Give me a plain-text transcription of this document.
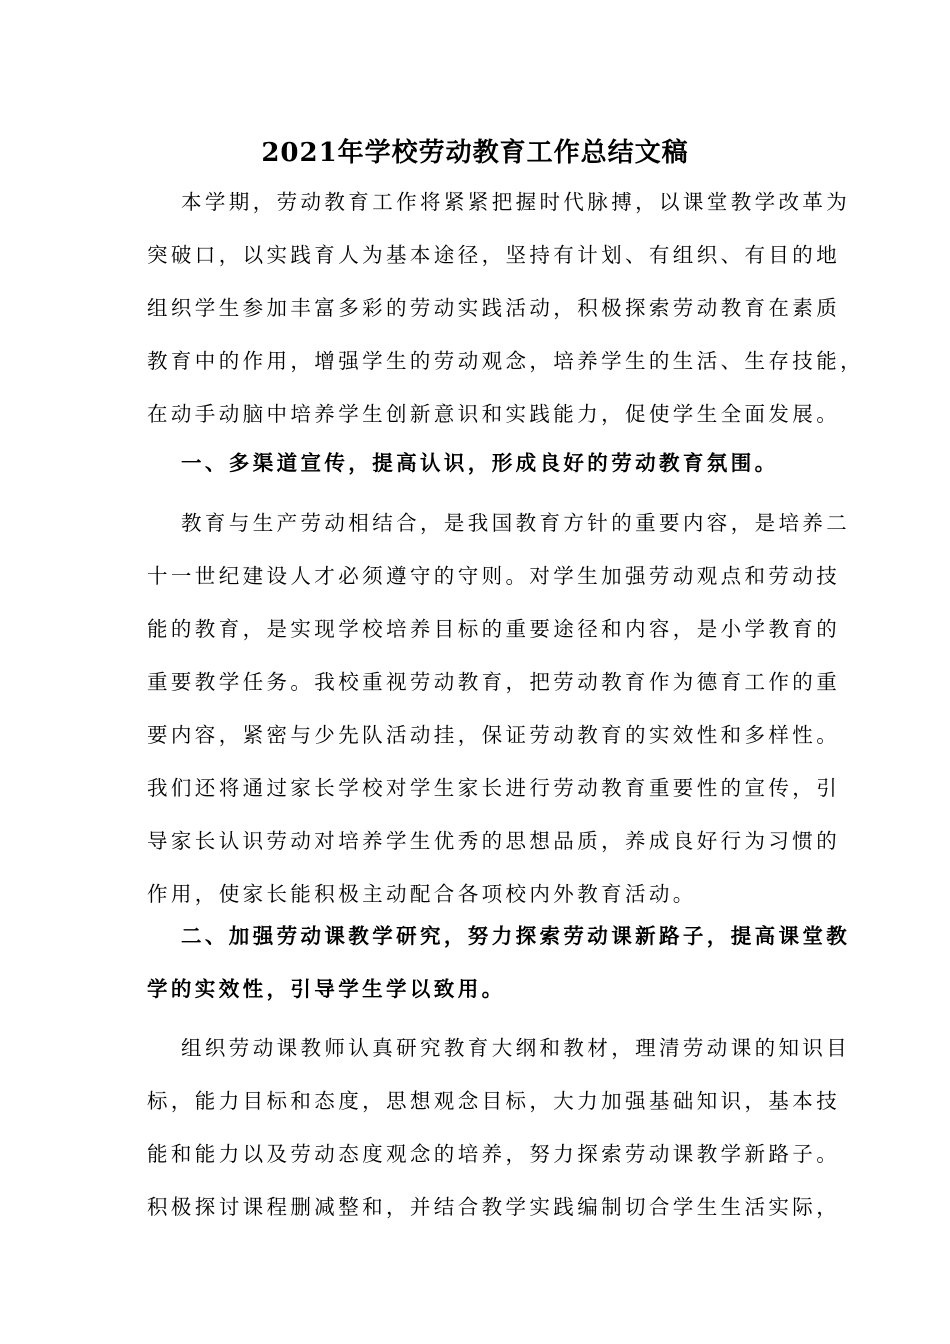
2021年学校劳动教育工作总结文稿
本学期，劳动教育工作将紧紧把握时代脉搏，以课堂教学改革为
突破口，以实践育人为基本途径，坚持有计划、有组织、有目的地
组织学生参加丰富多彩的劳动实践活动，积极探索劳动教育在素质
教育中的作用，增强学生的劳动观念，培养学生的生活、生存技能，
在动手动脑中培养学生创新意识和实践能力，促使学生全面发展。
一、多渠道宣传，提高认识，形成良好的劳动教育氛围。
教育与生产劳动相结合，是我国教育方针的重要内容，是培养二
十一世纪建设人才必须遵守的守则。对学生加强劳动观点和劳动技
能的教育，是实现学校培养目标的重要途径和内容，是小学教育的
重要教学任务。我校重视劳动教育，把劳动教育作为德育工作的重
要内容，紧密与少先队活动挂，保证劳动教育的实效性和多样性。
我们还将通过家长学校对学生家长进行劳动教育重要性的宣传，引
导家长认识劳动对培养学生优秀的思想品质，养成良好行为习惯的
作用，使家长能积极主动配合各项校内外教育活动。
二、加强劳动课教学研究，努力探索劳动课新路子，提高课堂教
学的实效性，引导学生学以致用。
组织劳动课教师认真研究教育大纲和教材，理清劳动课的知识目
标，能力目标和态度，思想观念目标，大力加强基础知识，基本技
能和能力以及劳动态度观念的培养，努力探索劳动课教学新路子。
积极探讨课程删减整和，并结合教学实践编制切合学生生活实际，
